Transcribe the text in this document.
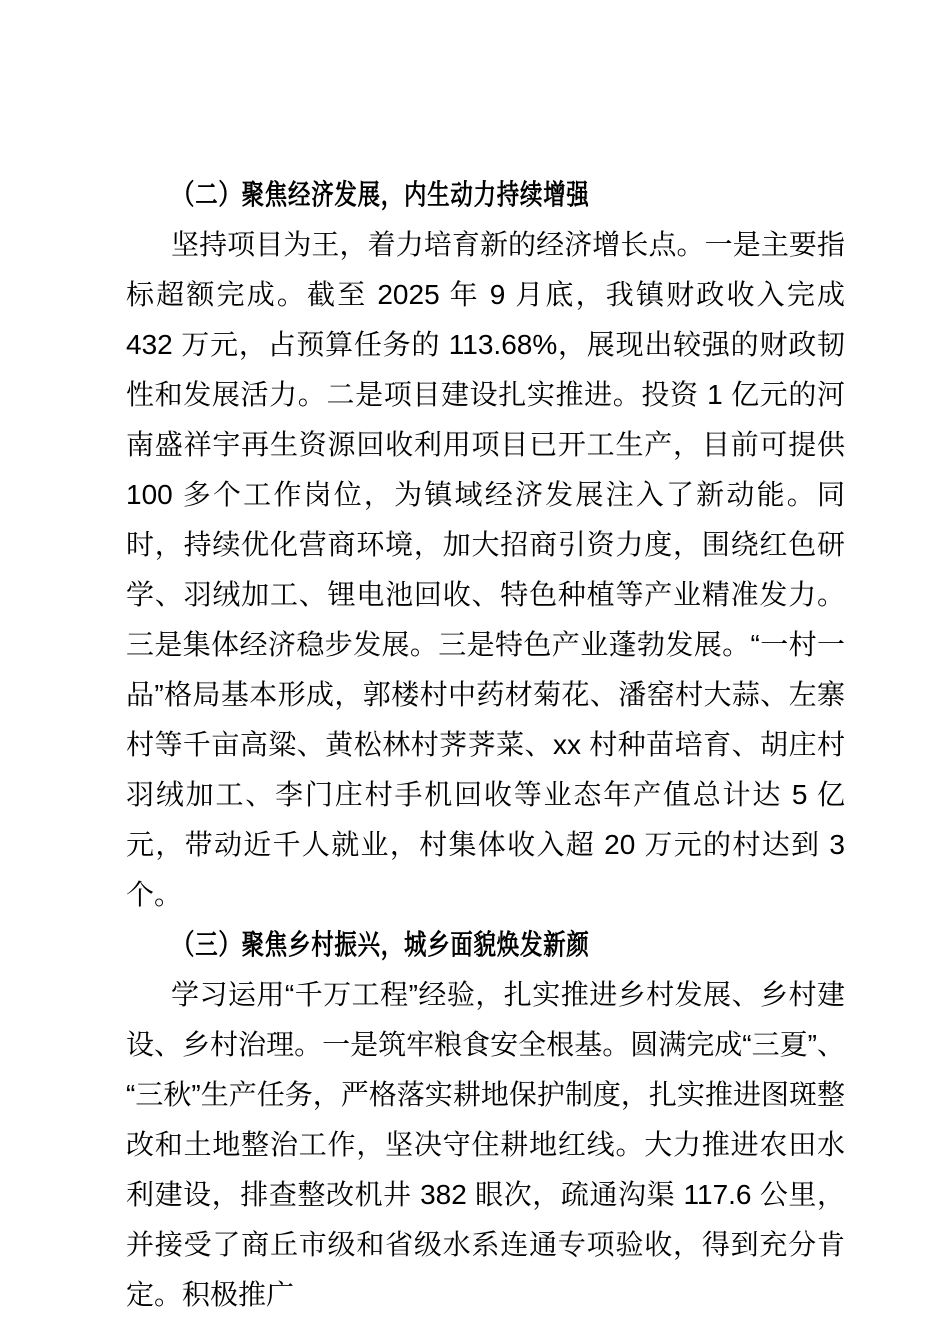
（二）聚焦经济发展，内生动力持续增强

坚持项目为王，着力培育新的经济增长点。一是主要指标超额完成。截至 2025 年 9 月底，我镇财政收入完成 432 万元，占预算任务的 113.68%，展现出较强的财政韧性和发展活力。二是项目建设扎实推进。投资 1 亿元的河南盛祥宇再生资源回收利用项目已开工生产，目前可提供 100 多个工作岗位，为镇域经济发展注入了新动能。同时，持续优化营商环境，加大招商引资力度，围绕红色研学、羽绒加工、锂电池回收、特色种植等产业精准发力。三是集体经济稳步发展。三是特色产业蓬勃发展。“一村一品”格局基本形成，郭楼村中药材菊花、潘窑村大蒜、左寨村等千亩高粱、黄松林村荠荠菜、xx 村种苗培育、胡庄村羽绒加工、李门庄村手机回收等业态年产值总计达 5 亿元，带动近千人就业，村集体收入超 20 万元的村达到 3 个。

（三）聚焦乡村振兴，城乡面貌焕发新颜

学习运用“千万工程”经验，扎实推进乡村发展、乡村建设、乡村治理。一是筑牢粮食安全根基。圆满完成“三夏”、“三秋”生产任务，严格落实耕地保护制度，扎实推进图斑整改和土地整治工作，坚决守住耕地红线。大力推进农田水利建设，排查整改机井 382 眼次，疏通沟渠 117.6 公里，并接受了商丘市级和省级水系连通专项验收，得到充分肯定。积极推广
